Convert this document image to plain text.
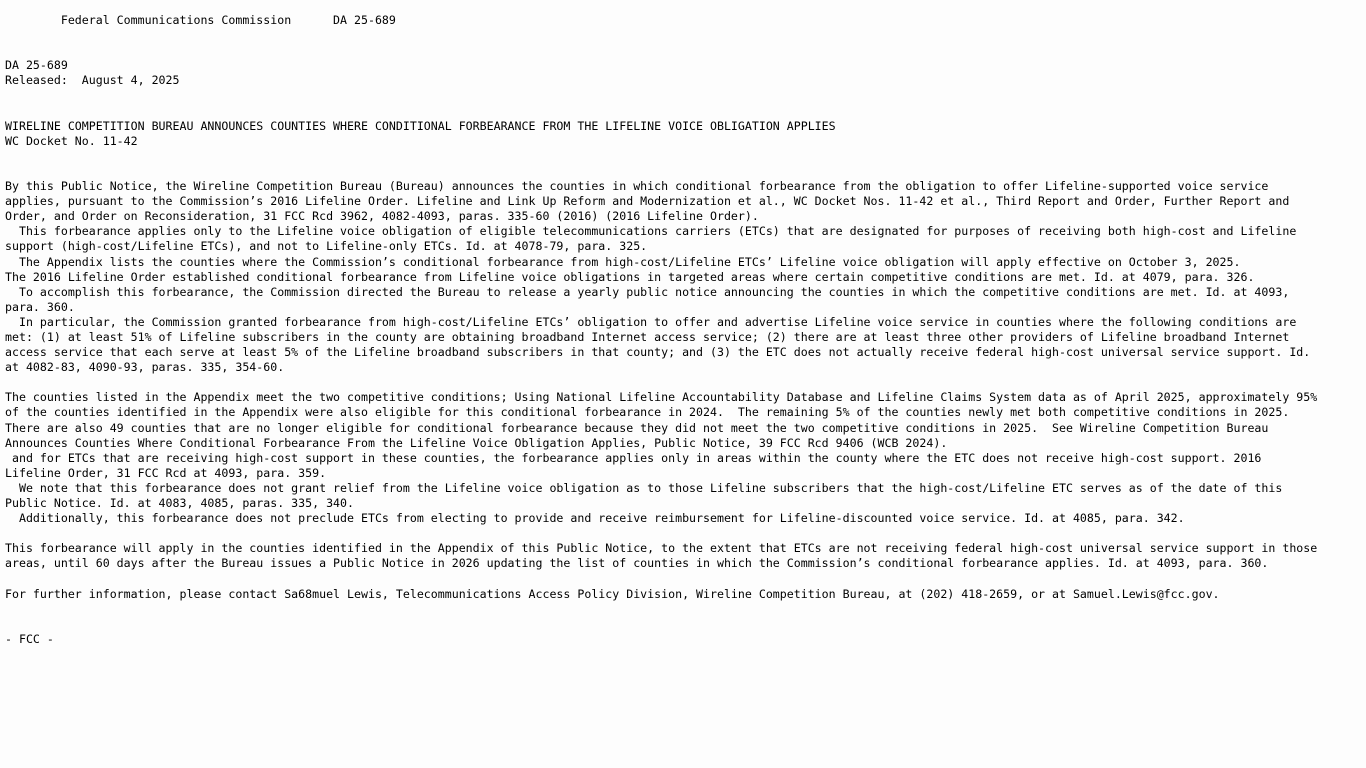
Federal Communications Commission      DA 25-689
DA 25-689
Released:  August 4, 2025
WIRELINE COMPETITION BUREAU ANNOUNCES COUNTIES WHERE CONDITIONAL FORBEARANCE FROM THE LIFELINE VOICE OBLIGATION APPLIES
WC Docket No. 11-42
By this Public Notice, the Wireline Competition Bureau (Bureau) announces the counties in which conditional forbearance from the obligation to offer Lifeline-supported voice service
applies, pursuant to the Commission’s 2016 Lifeline Order. Lifeline and Link Up Reform and Modernization et al., WC Docket Nos. 11-42 et al., Third Report and Order, Further Report and
Order, and Order on Reconsideration, 31 FCC Rcd 3962, 4082-4093, paras. 335-60 (2016) (2016 Lifeline Order).
This forbearance applies only to the Lifeline voice obligation of eligible telecommunications carriers (ETCs) that are designated for purposes of receiving both high-cost and Lifeline
support (high-cost/Lifeline ETCs), and not to Lifeline-only ETCs. Id. at 4078-79, para. 325.
The Appendix lists the counties where the Commission’s conditional forbearance from high-cost/Lifeline ETCs’ Lifeline voice obligation will apply effective on October 3, 2025.
The 2016 Lifeline Order established conditional forbearance from Lifeline voice obligations in targeted areas where certain competitive conditions are met. Id. at 4079, para. 326.
To accomplish this forbearance, the Commission directed the Bureau to release a yearly public notice announcing the counties in which the competitive conditions are met. Id. at 4093,
para. 360.
In particular, the Commission granted forbearance from high-cost/Lifeline ETCs’ obligation to offer and advertise Lifeline voice service in counties where the following conditions are
met: (1) at least 51% of Lifeline subscribers in the county are obtaining broadband Internet access service; (2) there are at least three other providers of Lifeline broadband Internet
access service that each serve at least 5% of the Lifeline broadband subscribers in that county; and (3) the ETC does not actually receive federal high-cost universal service support. Id.
at 4082-83, 4090-93, paras. 335, 354-60.
The counties listed in the Appendix meet the two competitive conditions; Using National Lifeline Accountability Database and Lifeline Claims System data as of April 2025, approximately 95%
of the counties identified in the Appendix were also eligible for this conditional forbearance in 2024.  The remaining 5% of the counties newly met both competitive conditions in 2025.
There are also 49 counties that are no longer eligible for conditional forbearance because they did not meet the two competitive conditions in 2025.  See Wireline Competition Bureau
Announces Counties Where Conditional Forbearance From the Lifeline Voice Obligation Applies, Public Notice, 39 FCC Rcd 9406 (WCB 2024).
and for ETCs that are receiving high-cost support in these counties, the forbearance applies only in areas within the county where the ETC does not receive high-cost support. 2016
Lifeline Order, 31 FCC Rcd at 4093, para. 359.
We note that this forbearance does not grant relief from the Lifeline voice obligation as to those Lifeline subscribers that the high-cost/Lifeline ETC serves as of the date of this
Public Notice. Id. at 4083, 4085, paras. 335, 340.
Additionally, this forbearance does not preclude ETCs from electing to provide and receive reimbursement for Lifeline-discounted voice service. Id. at 4085, para. 342.
This forbearance will apply in the counties identified in the Appendix of this Public Notice, to the extent that ETCs are not receiving federal high-cost universal service support in those
areas, until 60 days after the Bureau issues a Public Notice in 2026 updating the list of counties in which the Commission’s conditional forbearance applies. Id. at 4093, para. 360.
For further information, please contact Sa68muel Lewis, Telecommunications Access Policy Division, Wireline Competition Bureau, at (202) 418-2659, or at Samuel.Lewis@fcc.gov.
- FCC -
